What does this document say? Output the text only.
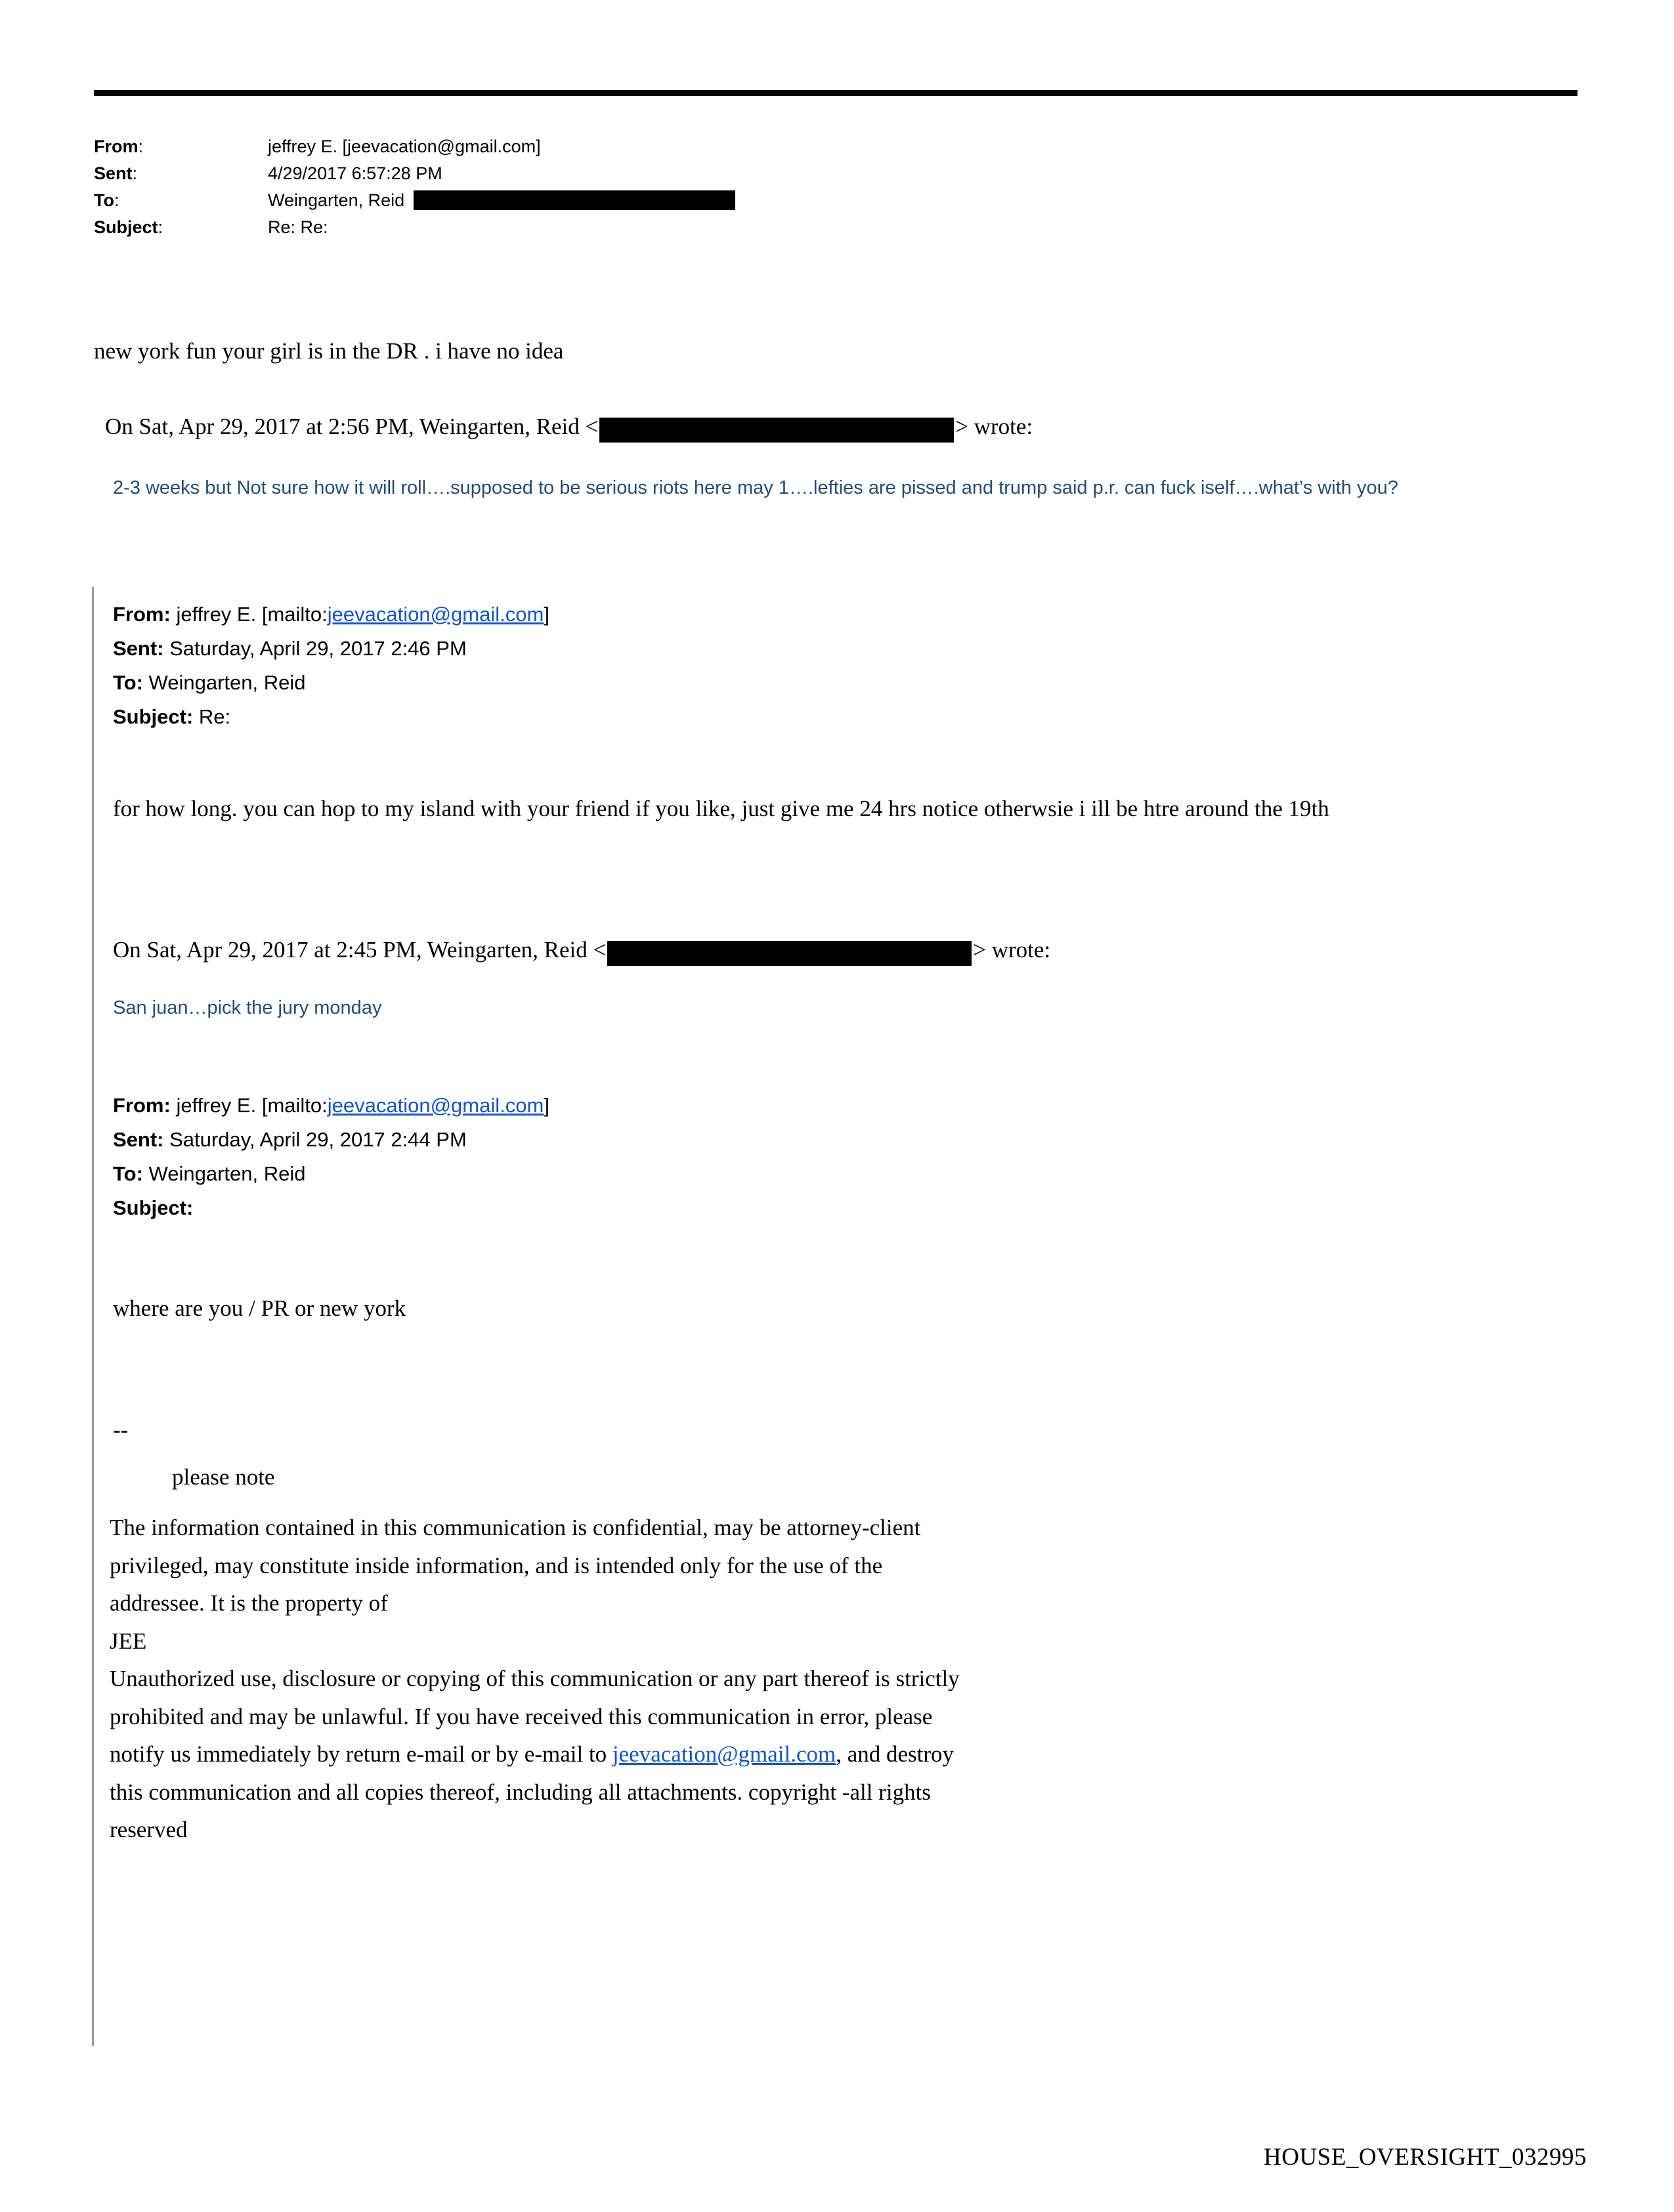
From:	jeffrey E. [jeevacation@gmail.com]
Sent:	4/29/2017 6:57:28 PM
To:	Weingarten, Reid
Subject:	Re: Re:
new york fun your girl is in the DR . i have no idea
On Sat, Apr 29, 2017 at 2:56 PM, Weingarten, Reid <	> wrote:
2-3 weeks but Not sure how it will roll….supposed to be serious riots here may 1….lefties are pissed and trump said p.r. can fuck iself….what’s with you?
From: jeffrey E. [mailto:jeevacation@gmail.com]
Sent: Saturday, April 29, 2017 2:46 PM
To: Weingarten, Reid
Subject: Re:
for how long. you can hop to my island with your friend if you like, just give me 24 hrs notice otherwsie i ill be htre around the 19th
On Sat, Apr 29, 2017 at 2:45 PM, Weingarten, Reid <	> wrote:
San juan…pick the jury monday
From: jeffrey E. [mailto:jeevacation@gmail.com]
Sent: Saturday, April 29, 2017 2:44 PM
To: Weingarten, Reid
Subject:
where are you / PR or new york
--
please note
The information contained in this communication is confidential, may be attorney-client privileged, may constitute inside information, and is intended only for the use of the addressee. It is the property of
JEE
Unauthorized use, disclosure or copying of this communication or any part thereof is strictly prohibited and may be unlawful. If you have received this communication in error, please notify us immediately by return e-mail or by e-mail to jeevacation@gmail.com, and destroy this communication and all copies thereof, including all attachments. copyright -all rights reserved
HOUSE_OVERSIGHT_032995
